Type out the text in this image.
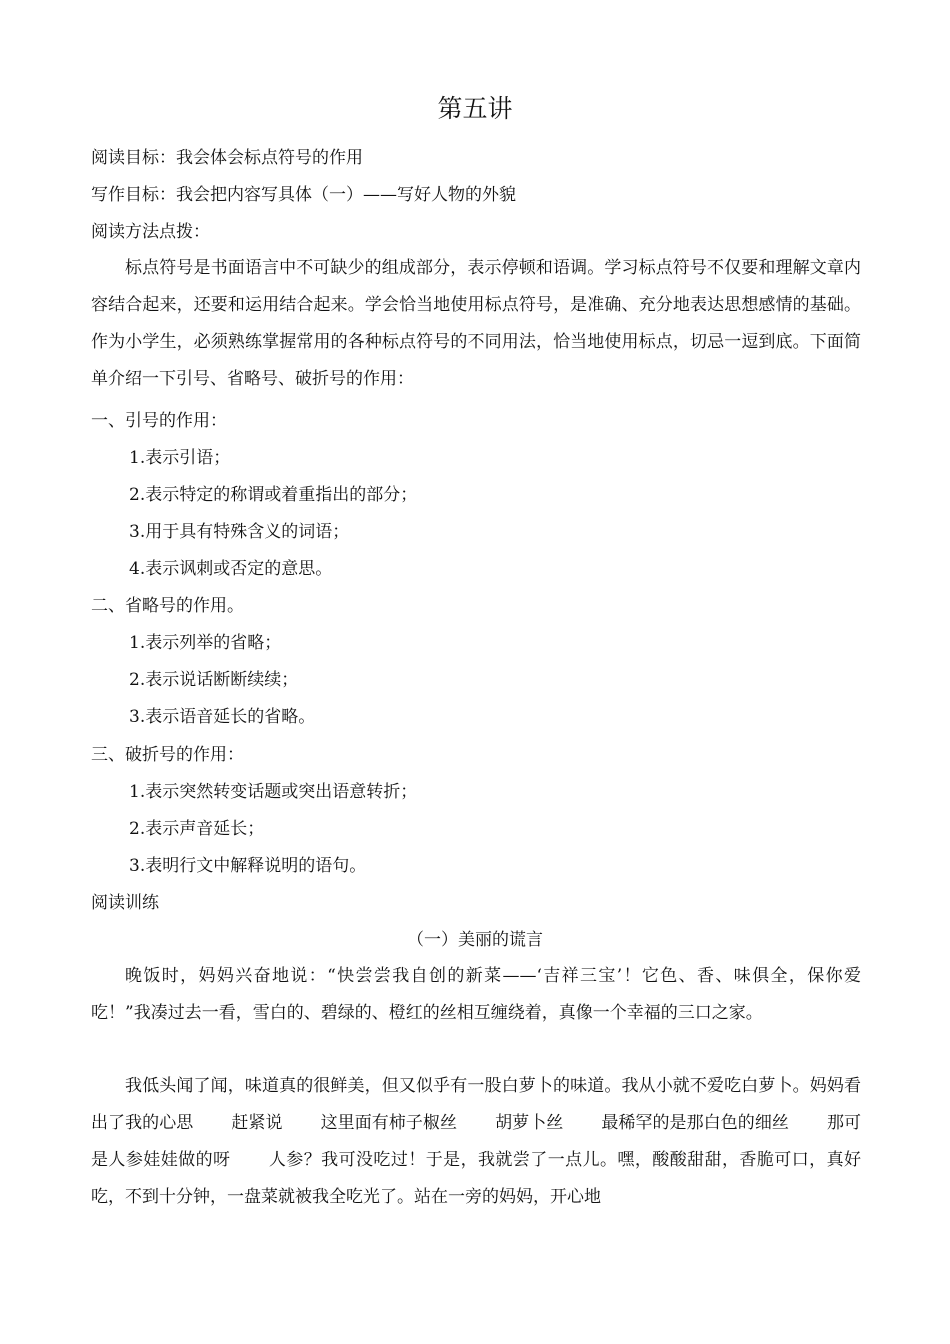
第五讲
阅读目标：我会体会标点符号的作用
写作目标：我会把内容写具体（一）——写好人物的外貌
阅读方法点拨：

标点符号是书面语言中不可缺少的组成部分，表示停顿和语调。学习标点符号不仅要和理解文章内容结合起来，还要和运用结合起来。学会恰当地使用标点符号，是准确、充分地表达思想感情的基础。作为小学生，必须熟练掌握常用的各种标点符号的不同用法，恰当地使用标点，切忌一逗到底。下面简单介绍一下引号、省略号、破折号的作用：

一、引号的作用：
1.表示引语；
2.表示特定的称谓或着重指出的部分；
3.用于具有特殊含义的词语；
4.表示讽刺或否定的意思。
二、省略号的作用。
1.表示列举的省略；
2.表示说话断断续续；
3.表示语音延长的省略。
三、破折号的作用：
1.表示突然转变话题或突出语意转折；
2.表示声音延长；
3.表明行文中解释说明的语句。
阅读训练
（一）美丽的谎言

晚饭时，妈妈兴奋地说：“快尝尝我自创的新菜——‘吉祥三宝’！它色、香、味俱全，保你爱吃！”我凑过去一看，雪白的、碧绿的、橙红的丝相互缠绕着，真像一个幸福的三口之家。

我低头闻了闻，味道真的很鲜美，但又似乎有一股白萝卜的味道。我从小就不爱吃白萝卜。妈妈看出了我的心思 赶紧说 这里面有柿子椒丝 胡萝卜丝 最稀罕的是那白色的细丝 那可是人参娃娃做的呀 人参？我可没吃过！于是，我就尝了一点儿。嘿，酸酸甜甜，香脆可口，真好吃，不到十分钟，一盘菜就被我全吃光了。站在一旁的妈妈，开心地
